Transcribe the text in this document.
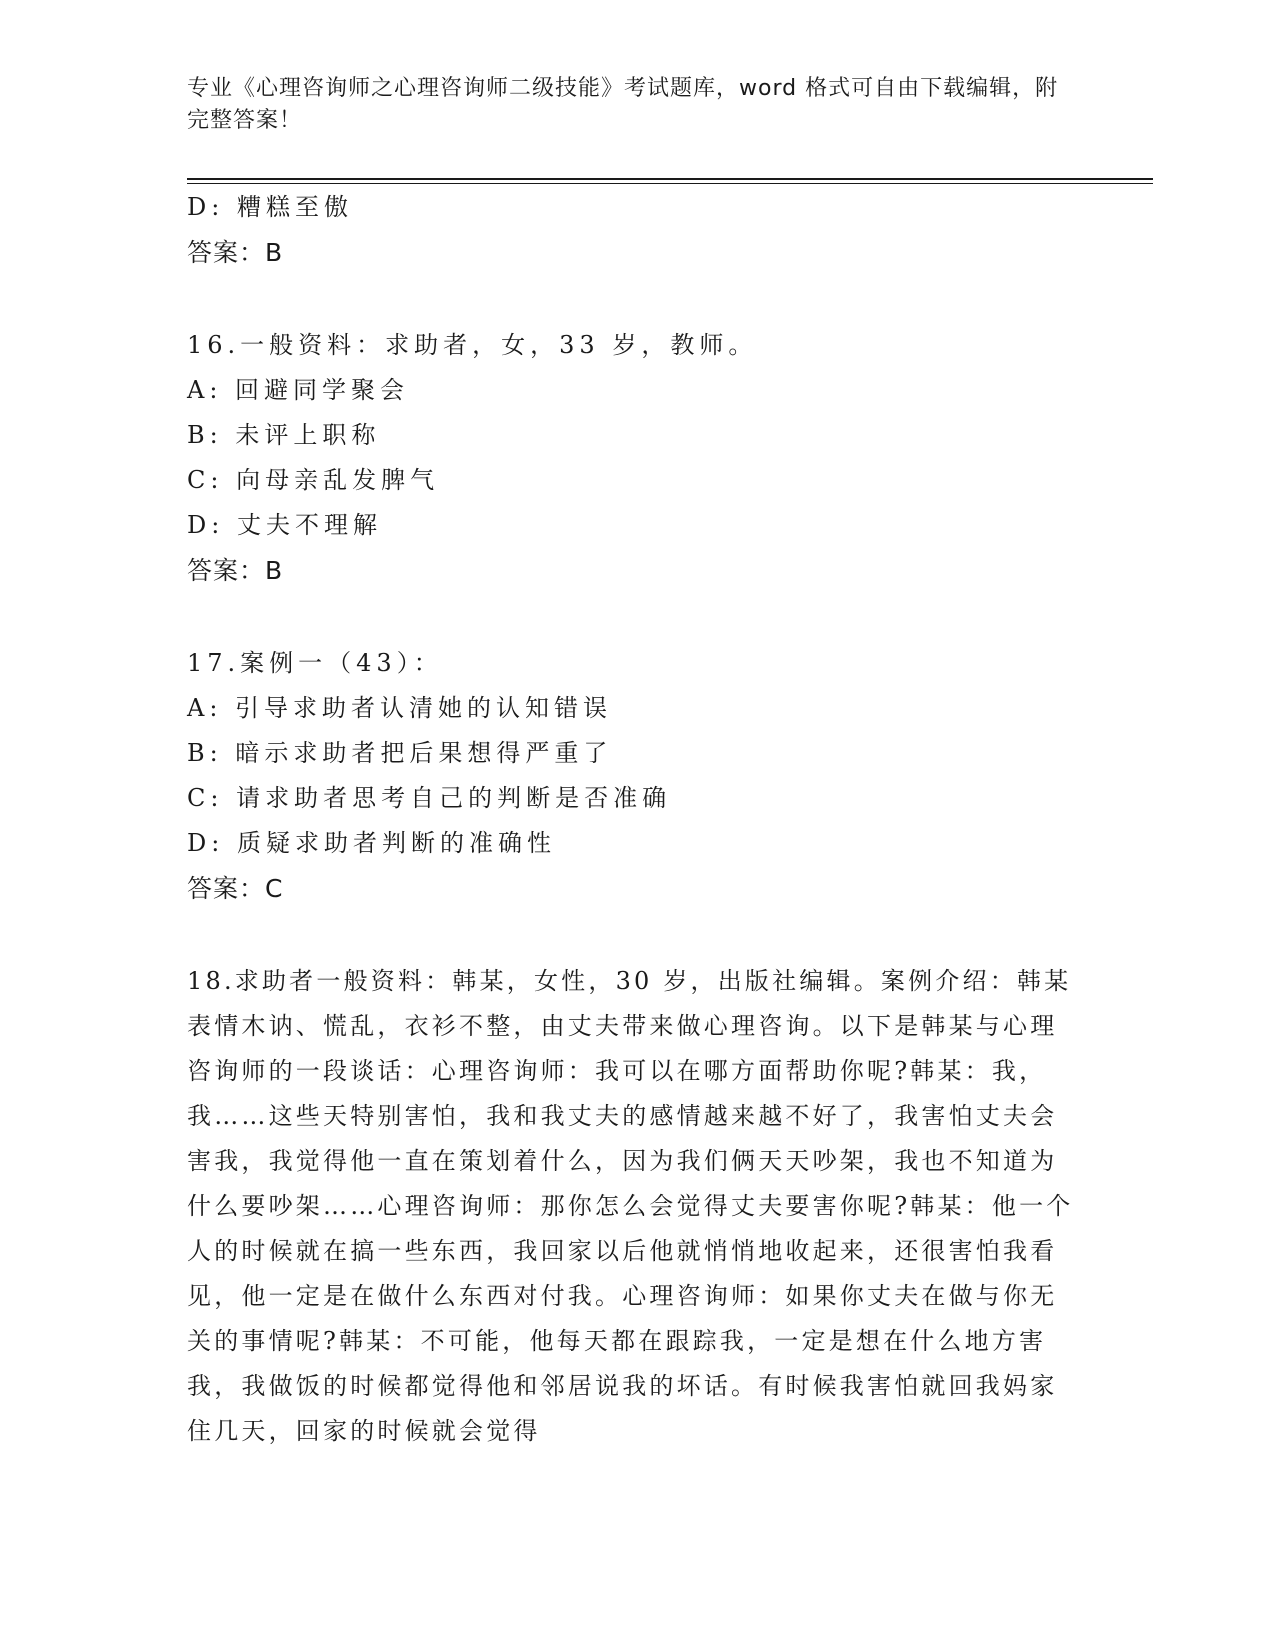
专业《心理咨询师之心理咨询师二级技能》考试题库，word 格式可自由下载编辑，附完整答案！
D: 糟糕至傲
答案：B
16.一般资料：求助者，女，33 岁，教师。
A: 回避同学聚会
B: 未评上职称
C: 向母亲乱发脾气
D: 丈夫不理解
答案：B
17.案例一（43）：
A: 引导求助者认清她的认知错误
B: 暗示求助者把后果想得严重了
C: 请求助者思考自己的判断是否准确
D: 质疑求助者判断的准确性
答案：C
18.求助者一般资料：韩某，女性，30 岁，出版社编辑。案例介绍：韩某表情木讷、慌乱，衣衫不整，由丈夫带来做心理咨询。以下是韩某与心理咨询师的一段谈话：心理咨询师：我可以在哪方面帮助你呢?韩某：我，我……这些天特别害怕，我和我丈夫的感情越来越不好了，我害怕丈夫会害我，我觉得他一直在策划着什么，因为我们俩天天吵架，我也不知道为什么要吵架……心理咨询师：那你怎么会觉得丈夫要害你呢?韩某：他一个人的时候就在搞一些东西，我回家以后他就悄悄地收起来，还很害怕我看见，他一定是在做什么东西对付我。心理咨询师：如果你丈夫在做与你无关的事情呢?韩某：不可能，他每天都在跟踪我，一定是想在什么地方害我，我做饭的时候都觉得他和邻居说我的坏话。有时候我害怕就回我妈家住几天，回家的时候就会觉得
